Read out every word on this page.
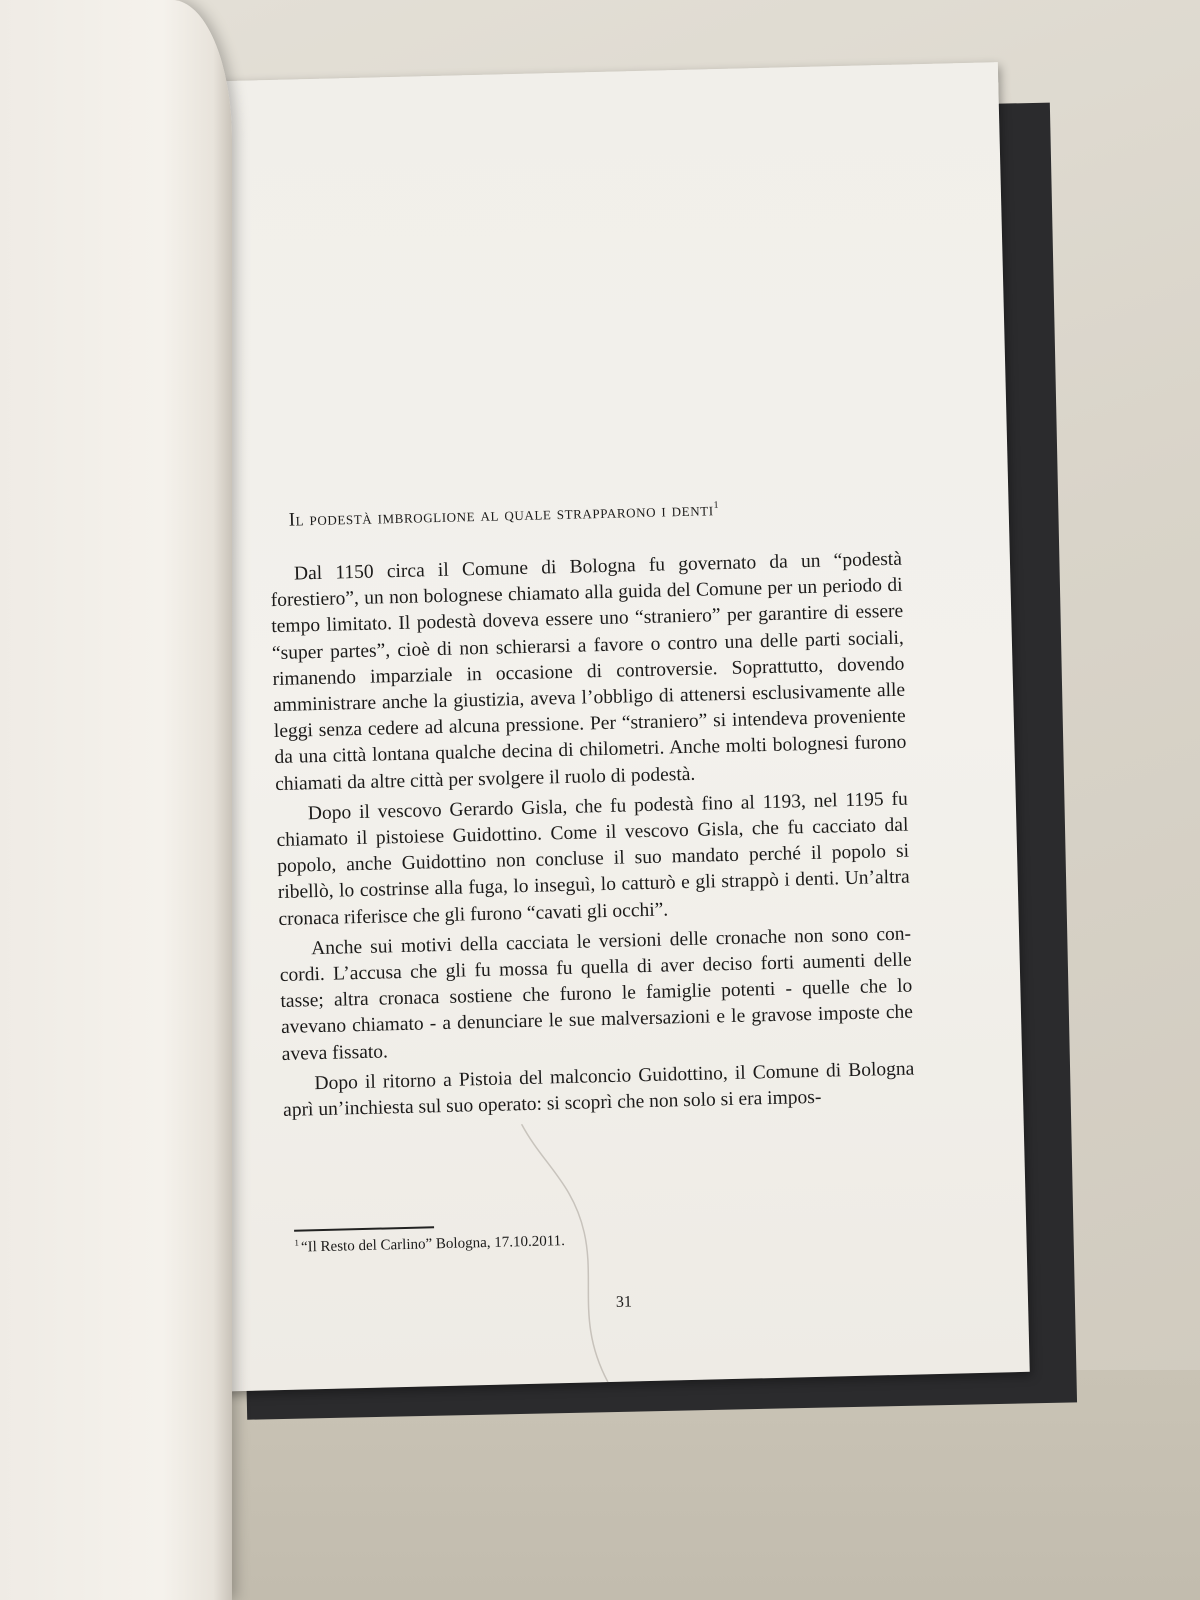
Il podestà imbroglione al quale strapparono i denti$^1$

Dal 1150 circa il Comune di Bologna fu governato da un “podestà forestiero”, un non bolognese chiamato alla guida del Comune per un periodo di tempo limitato. Il podestà doveva essere uno “straniero” per garantire di essere “super partes”, cioè di non schierarsi a favore o contro una delle parti sociali, rimanendo imparziale in occasione di controversie. Soprattutto, dovendo amministrare anche la giustizia, aveva l’obbligo di attenersi esclusivamente alle leggi senza cedere ad alcuna pressione. Per “straniero” si intendeva proveniente da una città lontana qualche decina di chilometri. Anche molti bolognesi furono chiamati da altre città per svolgere il ruolo di podestà.

Dopo il vescovo Gerardo Gisla, che fu podestà fino al 1193, nel 1195 fu chiamato il pistoiese Guidottino. Come il vescovo Gisla, che fu cacciato dal popolo, anche Guidottino non concluse il suo mandato perché il popolo si ribellò, lo costrinse alla fuga, lo inseguì, lo catturò e gli strappò i denti. Un’altra cronaca riferisce che gli furono “cavati gli occhi”.

Anche sui motivi della cacciata le versioni delle cronache non sono concordi. L’accusa che gli fu mossa fu quella di aver deciso forti aumenti delle tasse; altra cronaca sostiene che furono le famiglie potenti - quelle che lo avevano chiamato - a denunciare le sue malversazioni e le gravose imposte che aveva fissato.

Dopo il ritorno a Pistoia del malconcio Guidottino, il Comune di Bologna aprì un’inchiesta sul suo operato: si scoprì che non solo si era impos-

$^1$ “Il Resto del Carlino” Bologna, 17.10.2011.

31
